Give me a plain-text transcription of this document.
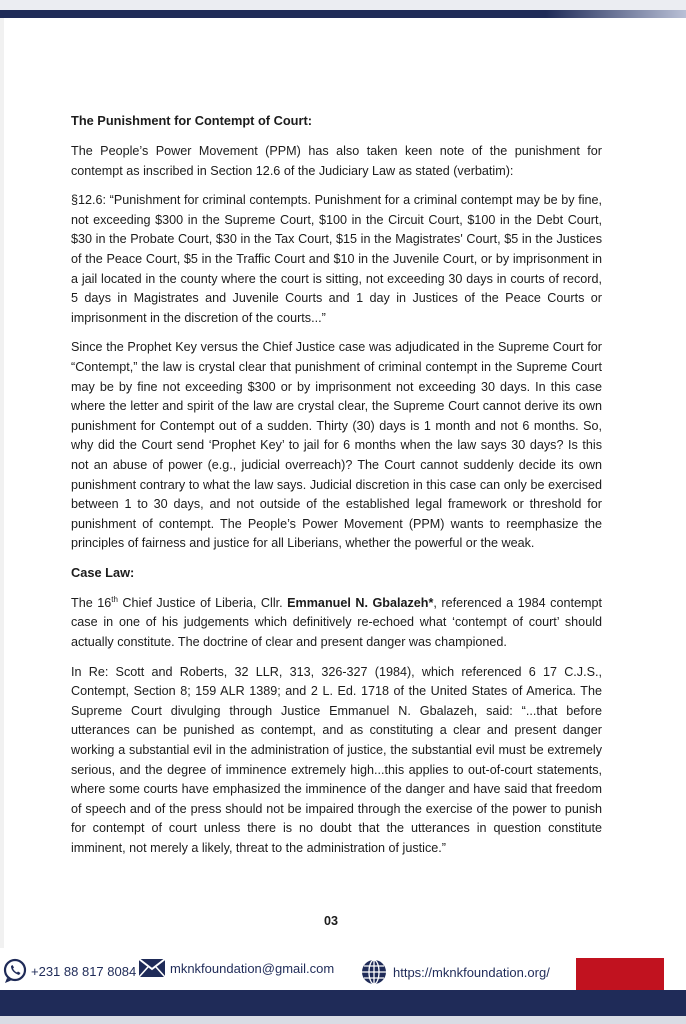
The Punishment for Contempt of Court:

The People’s Power Movement (PPM) has also taken keen note of the punishment for contempt as inscribed in Section 12.6 of the Judiciary Law as stated (verbatim):

§12.6: “Punishment for criminal contempts. Punishment for a criminal contempt may be by fine, not exceeding $300 in the Supreme Court, $100 in the Circuit Court, $100 in the Debt Court, $30 in the Probate Court, $30 in the Tax Court, $15 in the Magistrates' Court, $5 in the Justices of the Peace Court, $5 in the Traffic Court and $10 in the Juvenile Court, or by imprisonment in a jail located in the county where the court is sitting, not exceeding 30 days in courts of record, 5 days in Magistrates and Juvenile Courts and 1 day in Justices of the Peace Courts or imprisonment in the discretion of the courts...”

Since the Prophet Key versus the Chief Justice case was adjudicated in the Supreme Court for “Contempt,” the law is crystal clear that punishment of criminal contempt in the Supreme Court may be by fine not exceeding $300 or by imprisonment not exceeding 30 days. In this case where the letter and spirit of the law are crystal clear, the Supreme Court cannot derive its own punishment for Contempt out of a sudden. Thirty (30) days is 1 month and not 6 months. So, why did the Court send ‘Prophet Key’ to jail for 6 months when the law says 30 days? Is this not an abuse of power (e.g., judicial overreach)? The Court cannot suddenly decide its own punishment contrary to what the law says. Judicial discretion in this case can only be exercised between 1 to 30 days, and not outside of the established legal framework or threshold for punishment of contempt. The People’s Power Movement (PPM) wants to reemphasize the principles of fairness and justice for all Liberians, whether the powerful or the weak.

Case Law:

The 16th Chief Justice of Liberia, Cllr. Emmanuel N. Gbalazeh*, referenced a 1984 contempt case in one of his judgements which definitively re-echoed what ‘contempt of court’ should actually constitute. The doctrine of clear and present danger was championed.

In Re: Scott and Roberts, 32 LLR, 313, 326-327 (1984), which referenced 6 17 C.J.S., Contempt, Section 8; 159 ALR 1389; and 2 L. Ed. 1718 of the United States of America. The Supreme Court divulging through Justice Emmanuel N. Gbalazeh, said: “...that before utterances can be punished as contempt, and as constituting a clear and present danger working a substantial evil in the administration of justice, the substantial evil must be extremely serious, and the degree of imminence extremely high...this applies to out-of-court statements, where some courts have emphasized the imminence of the danger and have said that freedom of speech and of the press should not be impaired through the exercise of the power to punish for contempt of court unless there is no doubt that the utterances in question constitute imminent, not merely a likely, threat to the administration of justice.”

03
+231 88 817 8084	mknkfoundation@gmail.com	https://mknkfoundation.org/
